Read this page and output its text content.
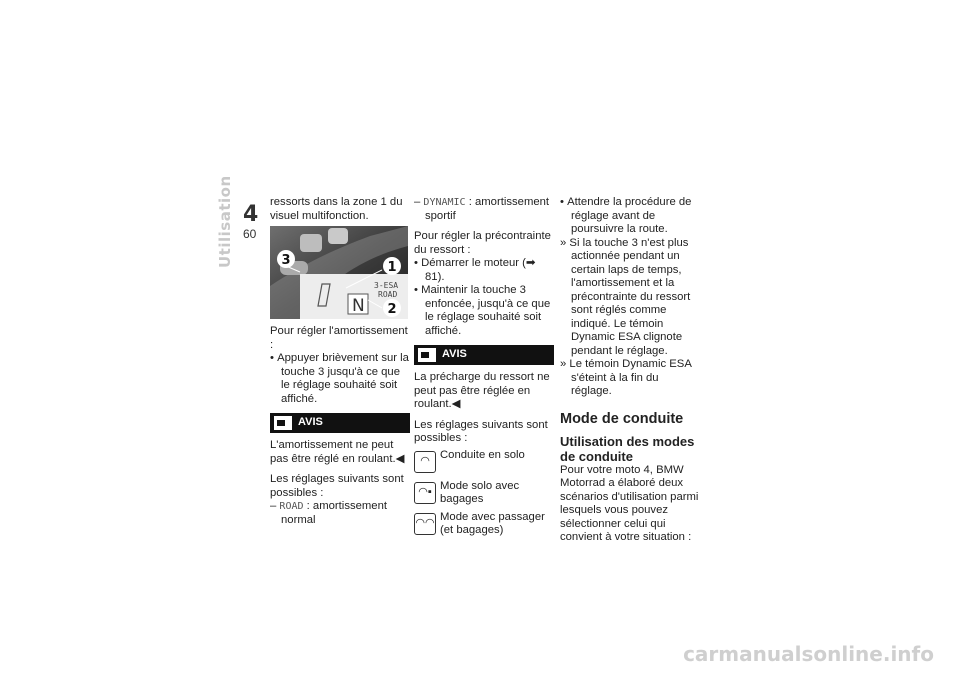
4
60
Utilisation	ressorts dans la zone 1 du visuel multifonction.

N
3-ESA
ROAD
3	1
2

Pour régler l'amortissement :

• Appuyer brièvement sur la touche 3 jusqu'à ce que le réglage souhaité soit affiché.

AVIS

L'amortissement ne peut pas être réglé en roulant.◀

Les réglages suivants sont possibles :

– ROAD : amortissement normal

– DYNAMIC : amortissement sportif

Pour régler la précontrainte du ressort :

• Démarrer le moteur (➡ 81).

• Maintenir la touche 3 enfoncée, jusqu'à ce que le réglage souhaité soit affiché.

AVIS

La précharge du ressort ne peut pas être réglée en roulant.◀

Les réglages suivants sont possibles :

◠
Conduite en solo
◠▪
Mode solo avec bagages
◠◠
Mode avec passager (et bagages)

• Attendre la procédure de réglage avant de poursuivre la route.

» Si la touche 3 n'est plus actionnée pendant un certain laps de temps, l'amortissement et la précontrainte du ressort sont réglés comme indiqué. Le témoin Dynamic ESA clignote pendant le réglage.

» Le témoin Dynamic ESA s'éteint à la fin du réglage.

Mode de conduite

Utilisation des modes de conduite

Pour votre moto 4, BMW Motorrad a élaboré deux scénarios d'utilisation parmi lesquels vous pouvez sélectionner celui qui convient à votre situation :

carmanualsonline.info
